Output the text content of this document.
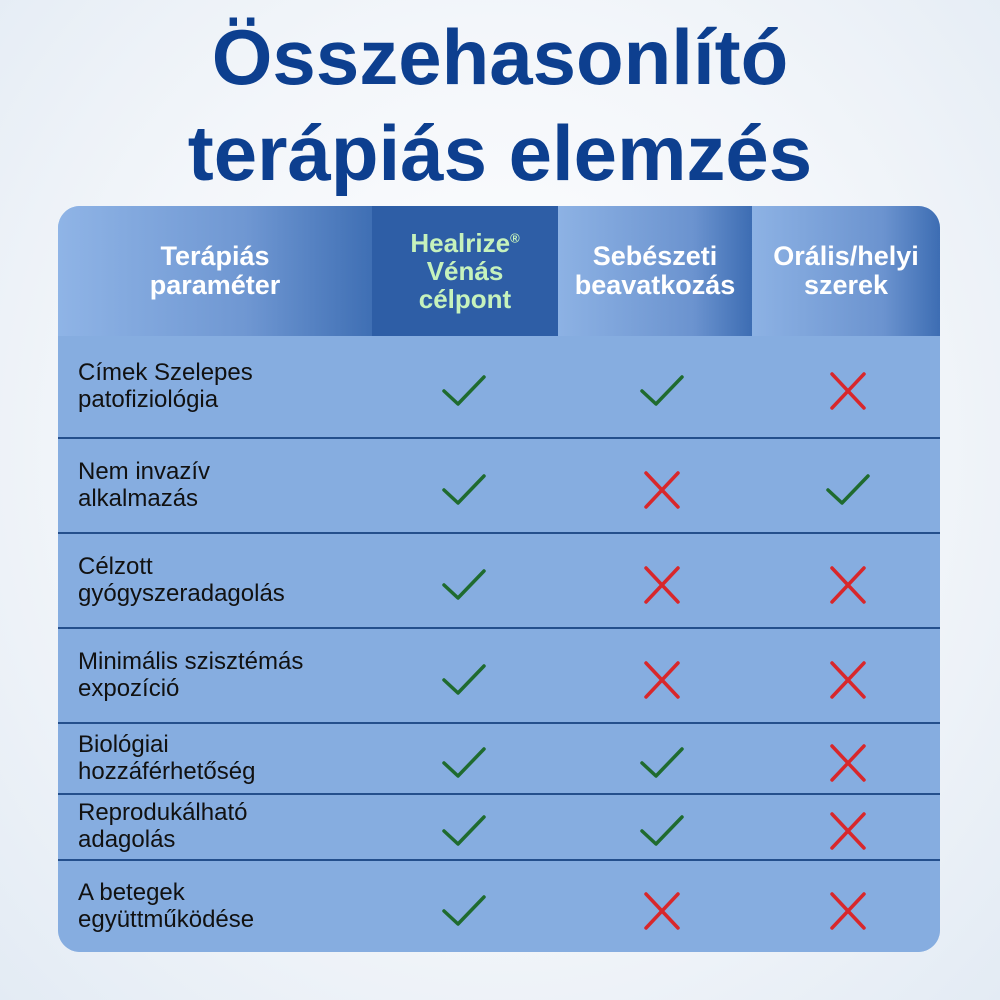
Összehasonlító
terápiás elemzés
Terápiás
paraméter
Healrize®
Vénás
célpont
Sebészeti
beavatkozás
Orális/helyi
szerek
Címek Szelepes
patofiziológia
Nem invazív
alkalmazás
Célzott
gyógyszeradagolás
Minimális szisztémás
expozíció
Biológiai
hozzáférhetőség
Reprodukálható
adagolás
A betegek
együttműködése
